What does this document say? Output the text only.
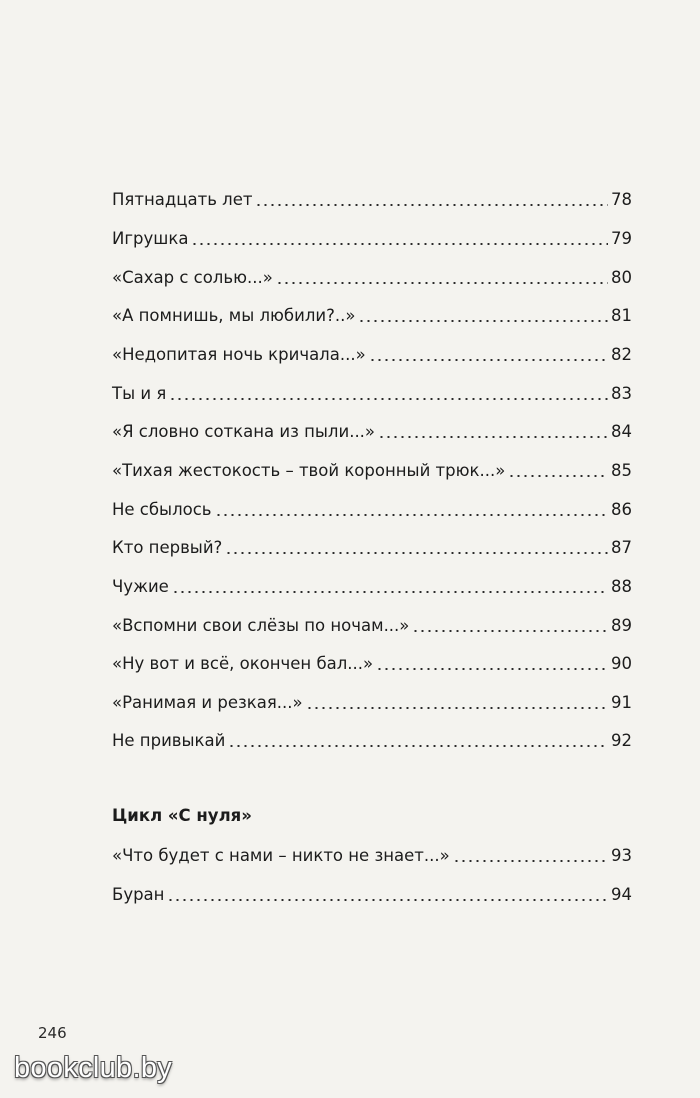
Пятнадцать лет	78
Игрушка	79
«Сахар с солью...»	80
«А помнишь, мы любили?..»	81
«Недопитая ночь кричала...»	82
Ты и я	83
«Я словно соткана из пыли...»	84
«Тихая жестокость – твой коронный трюк...»	85
Не сбылось	86
Кто первый?	87
Чужие	88
«Вспомни свои слёзы по ночам...»	89
«Ну вот и всё, окончен бал...»	90
«Ранимая и резкая...»	91
Не привыкай	92
Цикл «С нуля»
«Что будет с нами – никто не знает...»	93
Буран	94
246
bookclub.by
